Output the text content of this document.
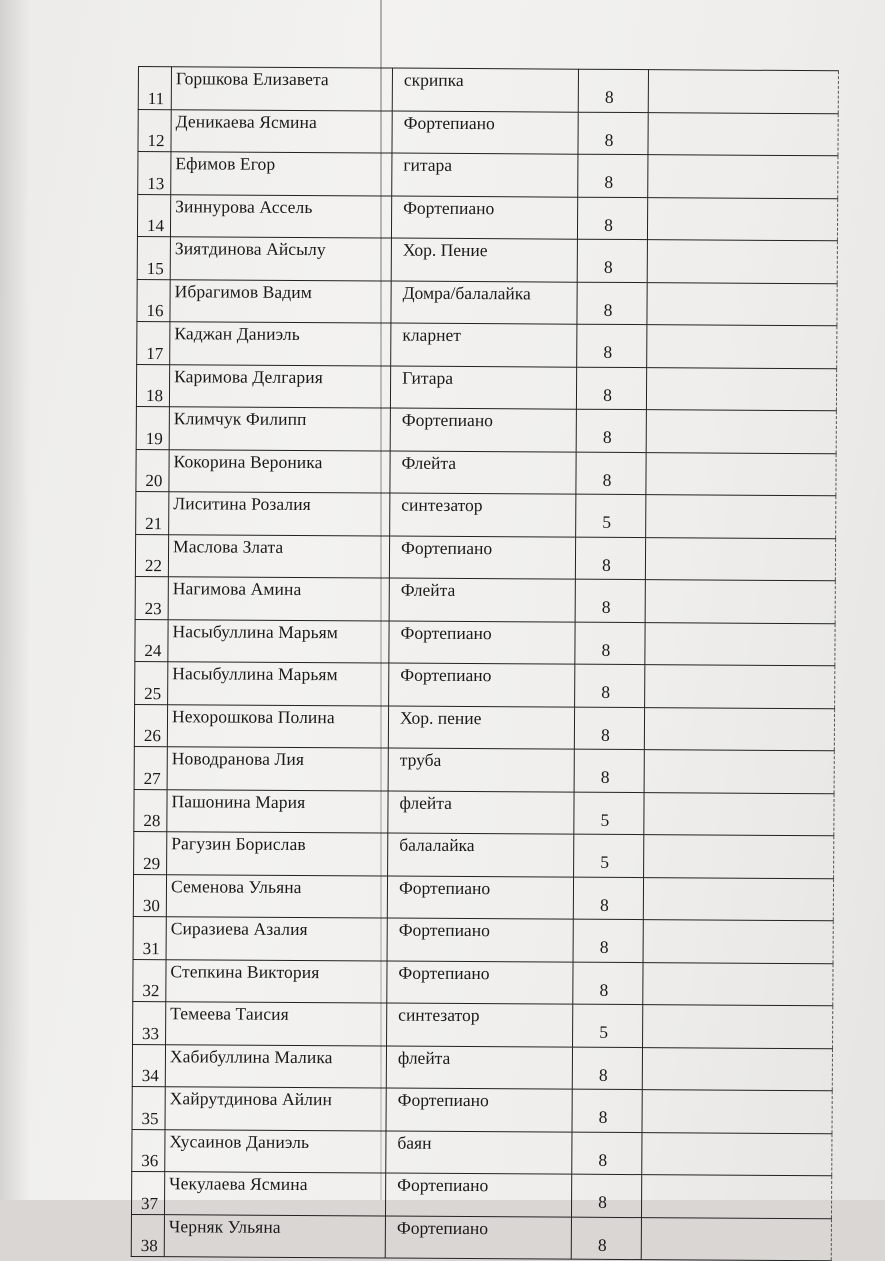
11	Горшкова Елизавета	скрипка	8	
12	Деникаева Ясмина	Фортепиано	8	
13	Ефимов Егор	гитара	8	
14	Зиннурова Ассель	Фортепиано	8	
15	Зиятдинова Айсылу	Хор. Пение	8	
16	Ибрагимов Вадим	Домра/балалайка	8	
17	Каджан Даниэль	кларнет	8	
18	Каримова Делгария	Гитара	8	
19	Климчук Филипп	Фортепиано	8	
20	Кокорина Вероника	Флейта	8	
21	Лиситина Розалия	синтезатор	5	
22	Маслова Злата	Фортепиано	8	
23	Нагимова Амина	Флейта	8	
24	Насыбуллина Марьям	Фортепиано	8	
25	Насыбуллина Марьям	Фортепиано	8	
26	Нехорошкова Полина	Хор. пение	8	
27	Новодранова Лия	труба	8	
28	Пашонина Мария	флейта	5	
29	Рагузин Борислав	балалайка	5	
30	Семенова Ульяна	Фортепиано	8	
31	Сиразиева Азалия	Фортепиано	8	
32	Степкина Виктория	Фортепиано	8	
33	Темеева Таисия	синтезатор	5	
34	Хабибуллина Малика	флейта	8	
35	Хайрутдинова Айлин	Фортепиано	8	
36	Хусаинов Даниэль	баян	8	
37	Чекулаева Ясмина	Фортепиано	8	
38	Черняк Ульяна	Фортепиано	8	
